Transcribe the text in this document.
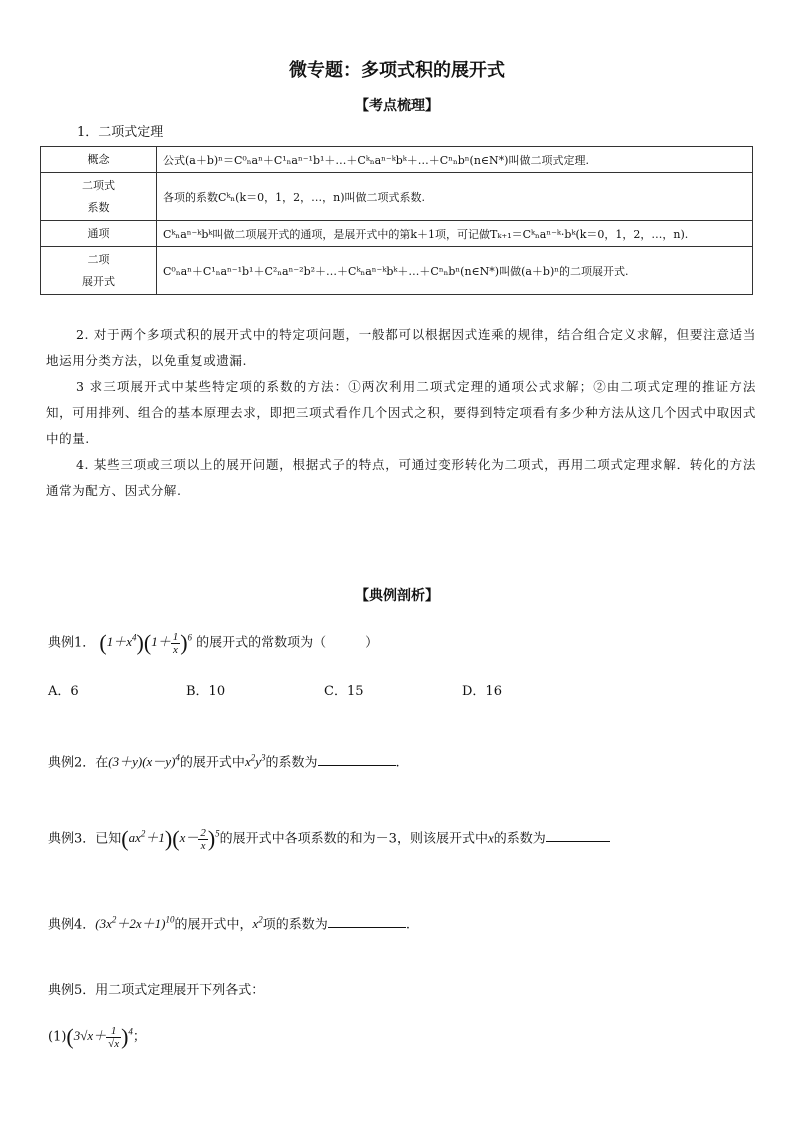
微专题：多项式积的展开式
【考点梳理】
1．二项式定理
概念	公式(a＋b)ⁿ＝C⁰ₙaⁿ＋C¹ₙaⁿ⁻¹b¹＋…＋Cᵏₙaⁿ⁻ᵏbᵏ＋…＋Cⁿₙbⁿ(n∈N*)叫做二项式定理.
二项式
系数	各项的系数Cᵏₙ(k＝0，1，2，…，n)叫做二项式系数.
通项	Cᵏₙaⁿ⁻ᵏbᵏ叫做二项展开式的通项，是展开式中的第k＋1项，可记做Tₖ₊₁＝Cᵏₙaⁿ⁻ᵏ·bᵏ(k＝0，1，2，…，n).
二项
展开式	C⁰ₙaⁿ＋C¹ₙaⁿ⁻¹b¹＋C²ₙaⁿ⁻²b²＋…＋Cᵏₙaⁿ⁻ᵏbᵏ＋…＋Cⁿₙbⁿ(n∈N*)叫做(a＋b)ⁿ的二项展开式.

2. 对于两个多项式积的展开式中的特定项问题，一般都可以根据因式连乘的规律，结合组合定义求解，但要注意适当地运用分类方法，以免重复或遗漏.

3 求三项展开式中某些特定项的系数的方法：①两次利用二项式定理的通项公式求解；②由二项式定理的推证方法知，可用排列、组合的基本原理去求，即把三项式看作几个因式之积，要得到特定项看有多少种方法从这几个因式中取因式中的量.

4. 某些三项或三项以上的展开问题，根据式子的特点，可通过变形转化为二项式，再用二项式定理求解．转化的方法通常为配方、因式分解.

【典例剖析】
典例1． $(1+x^4)(1+ \frac{1}{x} )^6$ 的展开式的常数项为（　　　）
A．6	B．10	C．15	D．16
典例2．在$(3+y)(x-y)^4$的展开式中$x^2y^3$的系数为	.
典例3．已知$(ax^2+1)(x- \frac{2}{x} )^5$的展开式中各项系数的和为－3，则该展开式中x的系数为
典例4．$(3x^2+2x+1)^{10}$的展开式中，$x^2$项的系数为	.
典例5．用二项式定理展开下列各式：
$(1)(3√x+ \frac{1}{√x} )^4$；
